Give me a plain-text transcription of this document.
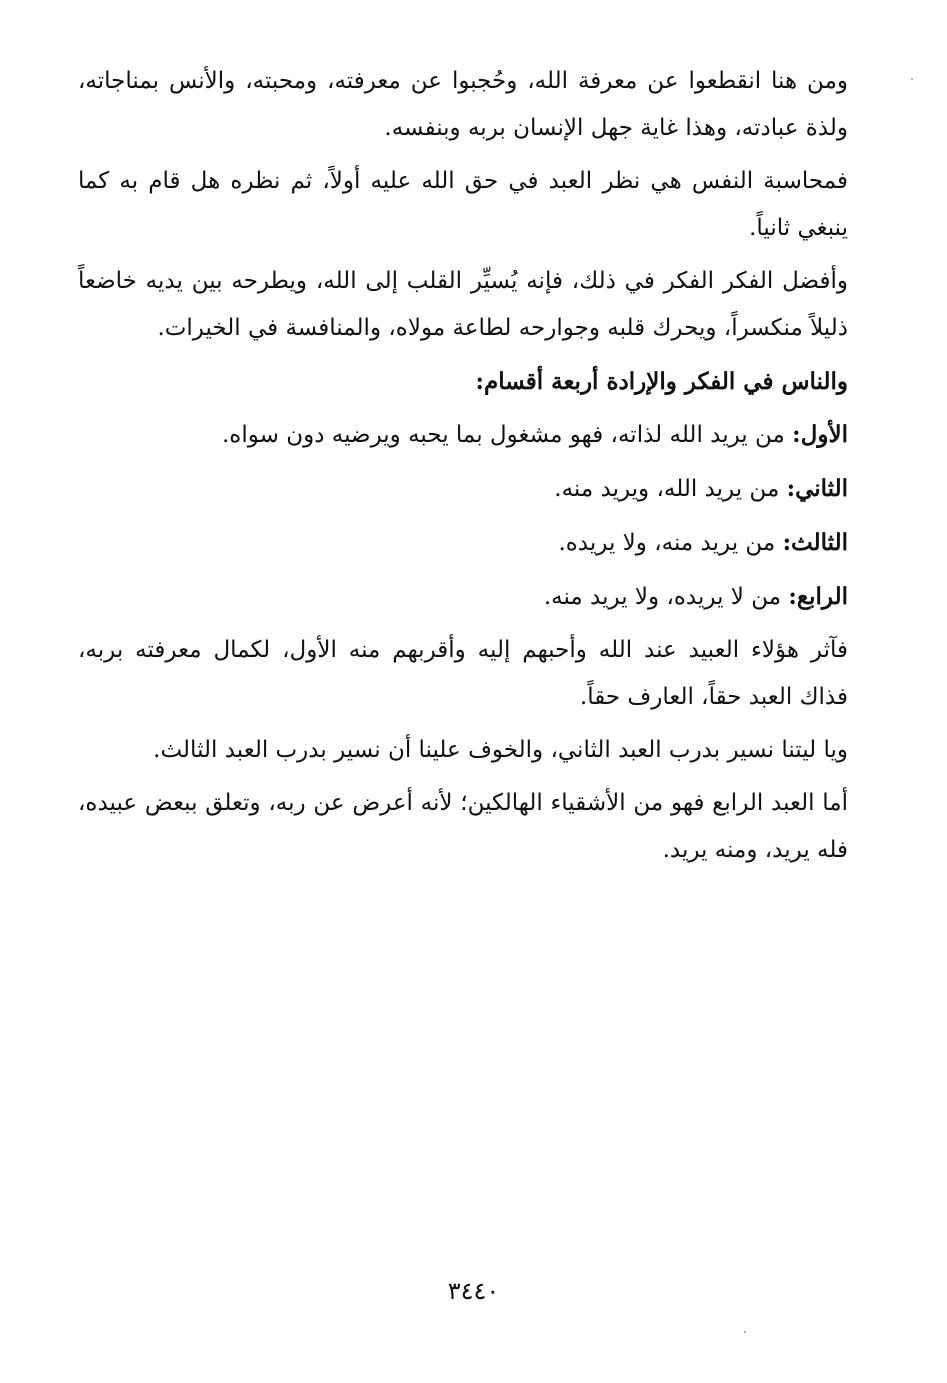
ومن هنا انقطعوا عن معرفة الله، وحُجبوا عن معرفته، ومحبته، والأنس بمناجاته، ولذة عبادته، وهذا غاية جهل الإنسان بربه وبنفسه.

فمحاسبة النفس هي نظر العبد في حق الله عليه أولاً، ثم نظره هل قام به كما ينبغي ثانياً.

وأفضل الفكر الفكر في ذلك، فإنه يُسيِّر القلب إلى الله، ويطرحه بين يديه خاضعاً ذليلاً منكسراً، ويحرك قلبه وجوارحه لطاعة مولاه، والمنافسة في الخيرات.

والناس في الفكر والإرادة أربعة أقسام:

الأول: من يريد الله لذاته، فهو مشغول بما يحبه ويرضيه دون سواه.

الثاني: من يريد الله، ويريد منه.

الثالث: من يريد منه، ولا يريده.

الرابع: من لا يريده، ولا يريد منه.

فآثر هؤلاء العبيد عند الله وأحبهم إليه وأقربهم منه الأول، لكمال معرفته بربه، فذاك العبد حقاً، العارف حقاً.

ويا ليتنا نسير بدرب العبد الثاني، والخوف علينا أن نسير بدرب العبد الثالث.

أما العبد الرابع فهو من الأشقياء الهالكين؛ لأنه أعرض عن ربه، وتعلق ببعض عبيده، فله يريد، ومنه يريد.

٣٤٤٠
